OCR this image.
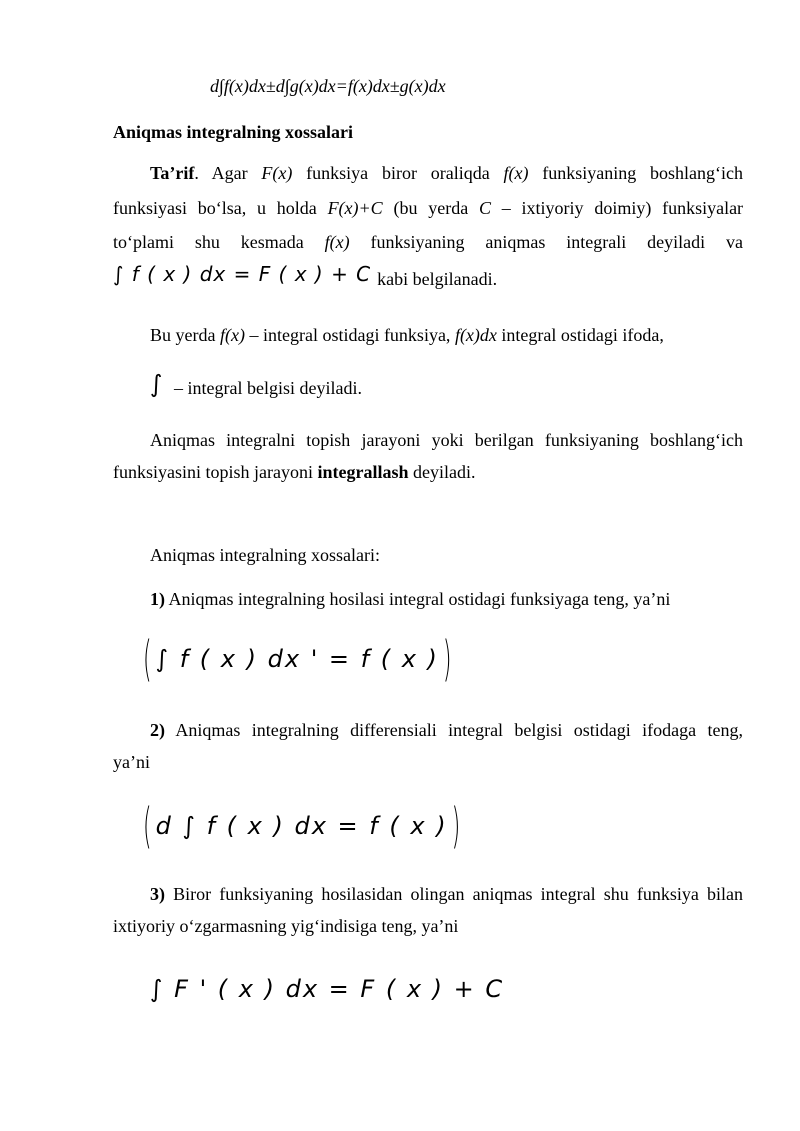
d∫f(x)dx±d∫g(x)dx=f(x)dx±g(x)dx
Aniqmas integralning xossalari
Ta’rif. Agar F(x) funksiya biror oraliqda f(x) funksiyaning boshlang‘ich
funksiyasi bo‘lsa, u holda F(x)+C (bu yerda C – ixtiyoriy doimiy) funksiyalar
to‘plami shu kesmada f(x) funksiyaning aniqmas integrali deyiladi va
∫ f ( x ) dx = F ( x ) + C kabi belgilanadi.
Bu yerda f(x) – integral ostidagi funksiya, f(x)dx integral ostidagi ifoda,
∫ – integral belgisi deyiladi.
Aniqmas integralni topish jarayoni yoki berilgan funksiyaning boshlang‘ich
funksiyasini topish jarayoni integrallash deyiladi.
Aniqmas integralning xossalari:
1) Aniqmas integralning hosilasi integral ostidagi funksiyaga teng, ya’ni
( ∫ f ( x ) dx ' = f ( x ) )
2) Aniqmas integralning differensiali integral belgisi ostidagi ifodaga teng,
ya’ni
( d ∫ f ( x ) dx = f ( x ) )
3) Biror funksiyaning hosilasidan olingan aniqmas integral shu funksiya bilan
ixtiyoriy o‘zgarmasning yig‘indisiga teng, ya’ni
∫ F ' ( x ) dx = F ( x ) + C
